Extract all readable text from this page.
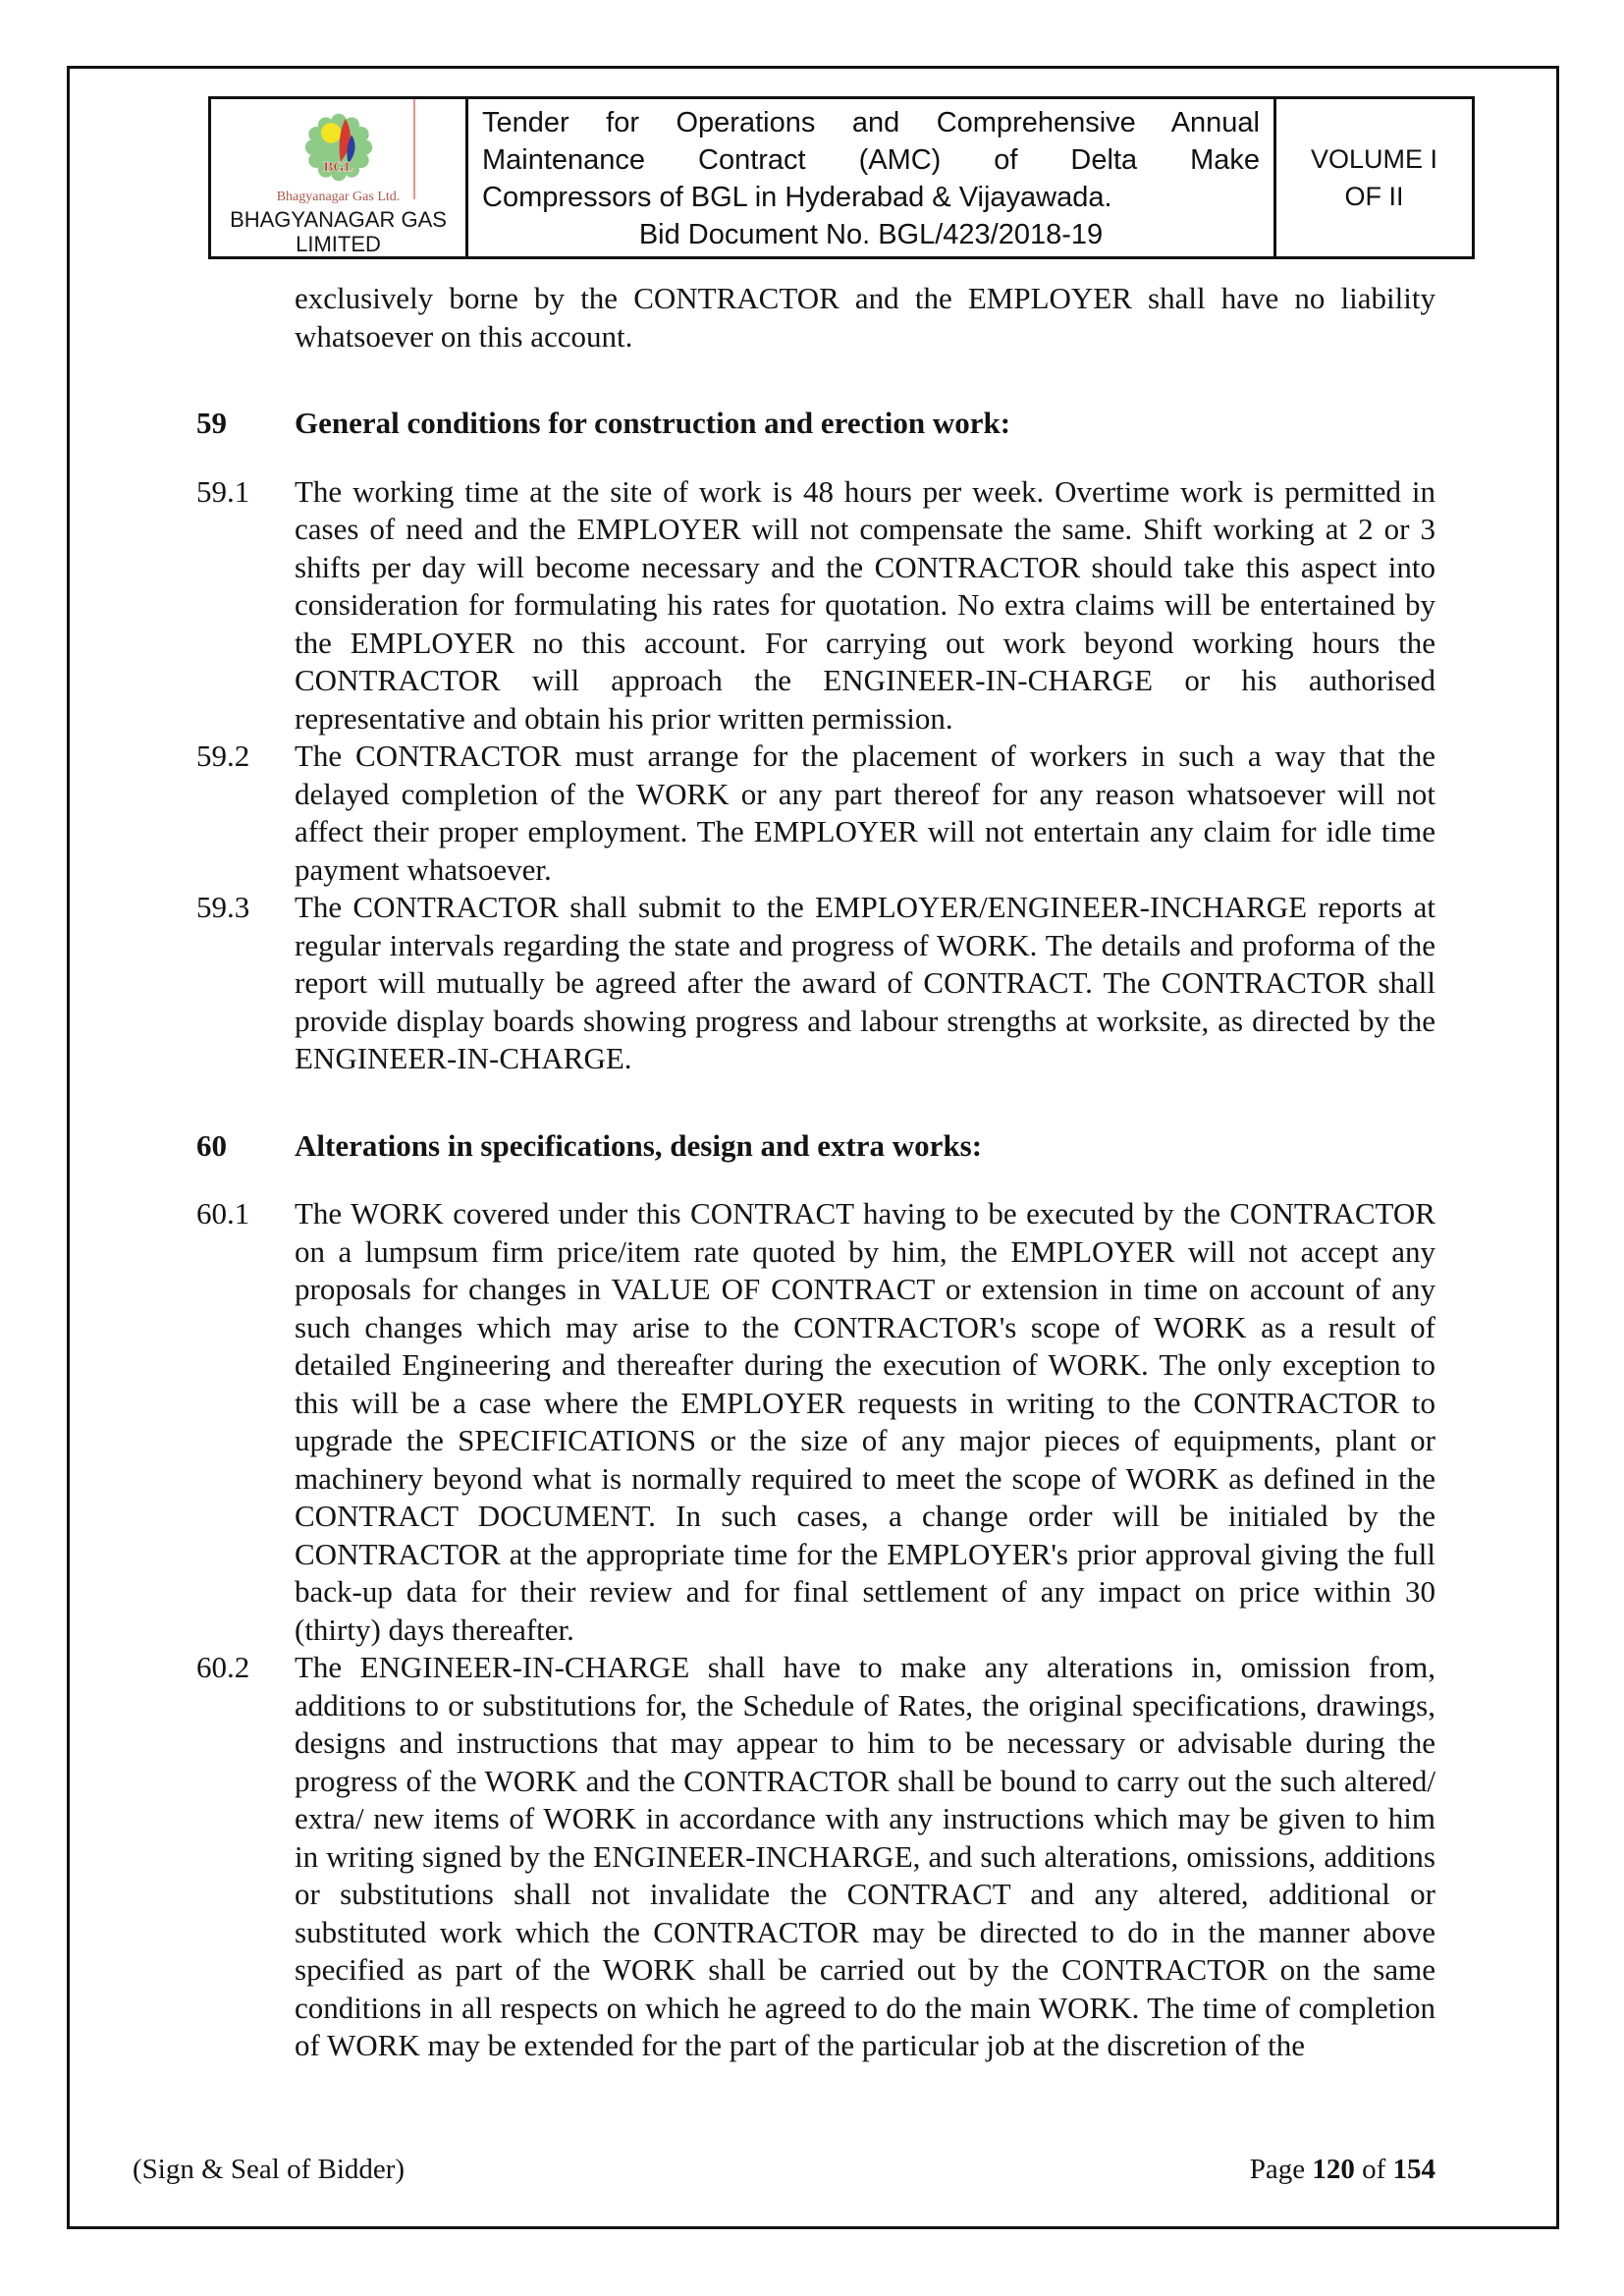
BGL
Bhagyanagar Gas Ltd.
BHAGYANAGAR GAS
LIMITED
Tender for Operations and Comprehensive Annual
Maintenance Contract (AMC) of Delta Make
Compressors of BGL in Hyderabad & Vijayawada.
Bid Document No. BGL/423/2018-19
VOLUME I
OF II

exclusively borne by the CONTRACTOR and the EMPLOYER shall have no liability whatsoever on this account.

59 General conditions for construction and erection work:
59.1 The working time at the site of work is 48 hours per week. Overtime work is permitted in cases of need and the EMPLOYER will not compensate the same. Shift working at 2 or 3 shifts per day will become necessary and the CONTRACTOR should take this aspect into consideration for formulating his rates for quotation. No extra claims will be entertained by the EMPLOYER no this account. For carrying out work beyond working hours the CONTRACTOR will approach the ENGINEER-IN-CHARGE or his authorised representative and obtain his prior written permission.
59.2 The CONTRACTOR must arrange for the placement of workers in such a way that the delayed completion of the WORK or any part thereof for any reason whatsoever will not affect their proper employment. The EMPLOYER will not entertain any claim for idle time payment whatsoever.
59.3 The CONTRACTOR shall submit to the EMPLOYER/ENGINEER-INCHARGE reports at regular intervals regarding the state and progress of WORK. The details and proforma of the report will mutually be agreed after the award of CONTRACT. The CONTRACTOR shall provide display boards showing progress and labour strengths at worksite, as directed by the ENGINEER-IN-CHARGE.
60 Alterations in specifications, design and extra works:
60.1 The WORK covered under this CONTRACT having to be executed by the CONTRACTOR on a lumpsum firm price/item rate quoted by him, the EMPLOYER will not accept any proposals for changes in VALUE OF CONTRACT or extension in time on account of any such changes which may arise to the CONTRACTOR's scope of WORK as a result of detailed Engineering and thereafter during the execution of WORK. The only exception to this will be a case where the EMPLOYER requests in writing to the CONTRACTOR to upgrade the SPECIFICATIONS or the size of any major pieces of equipments, plant or machinery beyond what is normally required to meet the scope of WORK as defined in the CONTRACT DOCUMENT. In such cases, a change order will be initialed by the CONTRACTOR at the appropriate time for the EMPLOYER's prior approval giving the full back-up data for their review and for final settlement of any impact on price within 30 (thirty) days thereafter.
60.2 The ENGINEER-IN-CHARGE shall have to make any alterations in, omission from, additions to or substitutions for, the Schedule of Rates, the original specifications, drawings, designs and instructions that may appear to him to be necessary or advisable during the progress of the WORK and the CONTRACTOR shall be bound to carry out the such altered/ extra/ new items of WORK in accordance with any instructions which may be given to him in writing signed by the ENGINEER-INCHARGE, and such alterations, omissions, additions or substitutions shall not invalidate the CONTRACT and any altered, additional or substituted work which the CONTRACTOR may be directed to do in the manner above specified as part of the WORK shall be carried out by the CONTRACTOR on the same conditions in all respects on which he agreed to do the main WORK. The time of completion of WORK may be extended for the part of the particular job at the discretion of the
(Sign & Seal of Bidder)	Page 120 of 154
